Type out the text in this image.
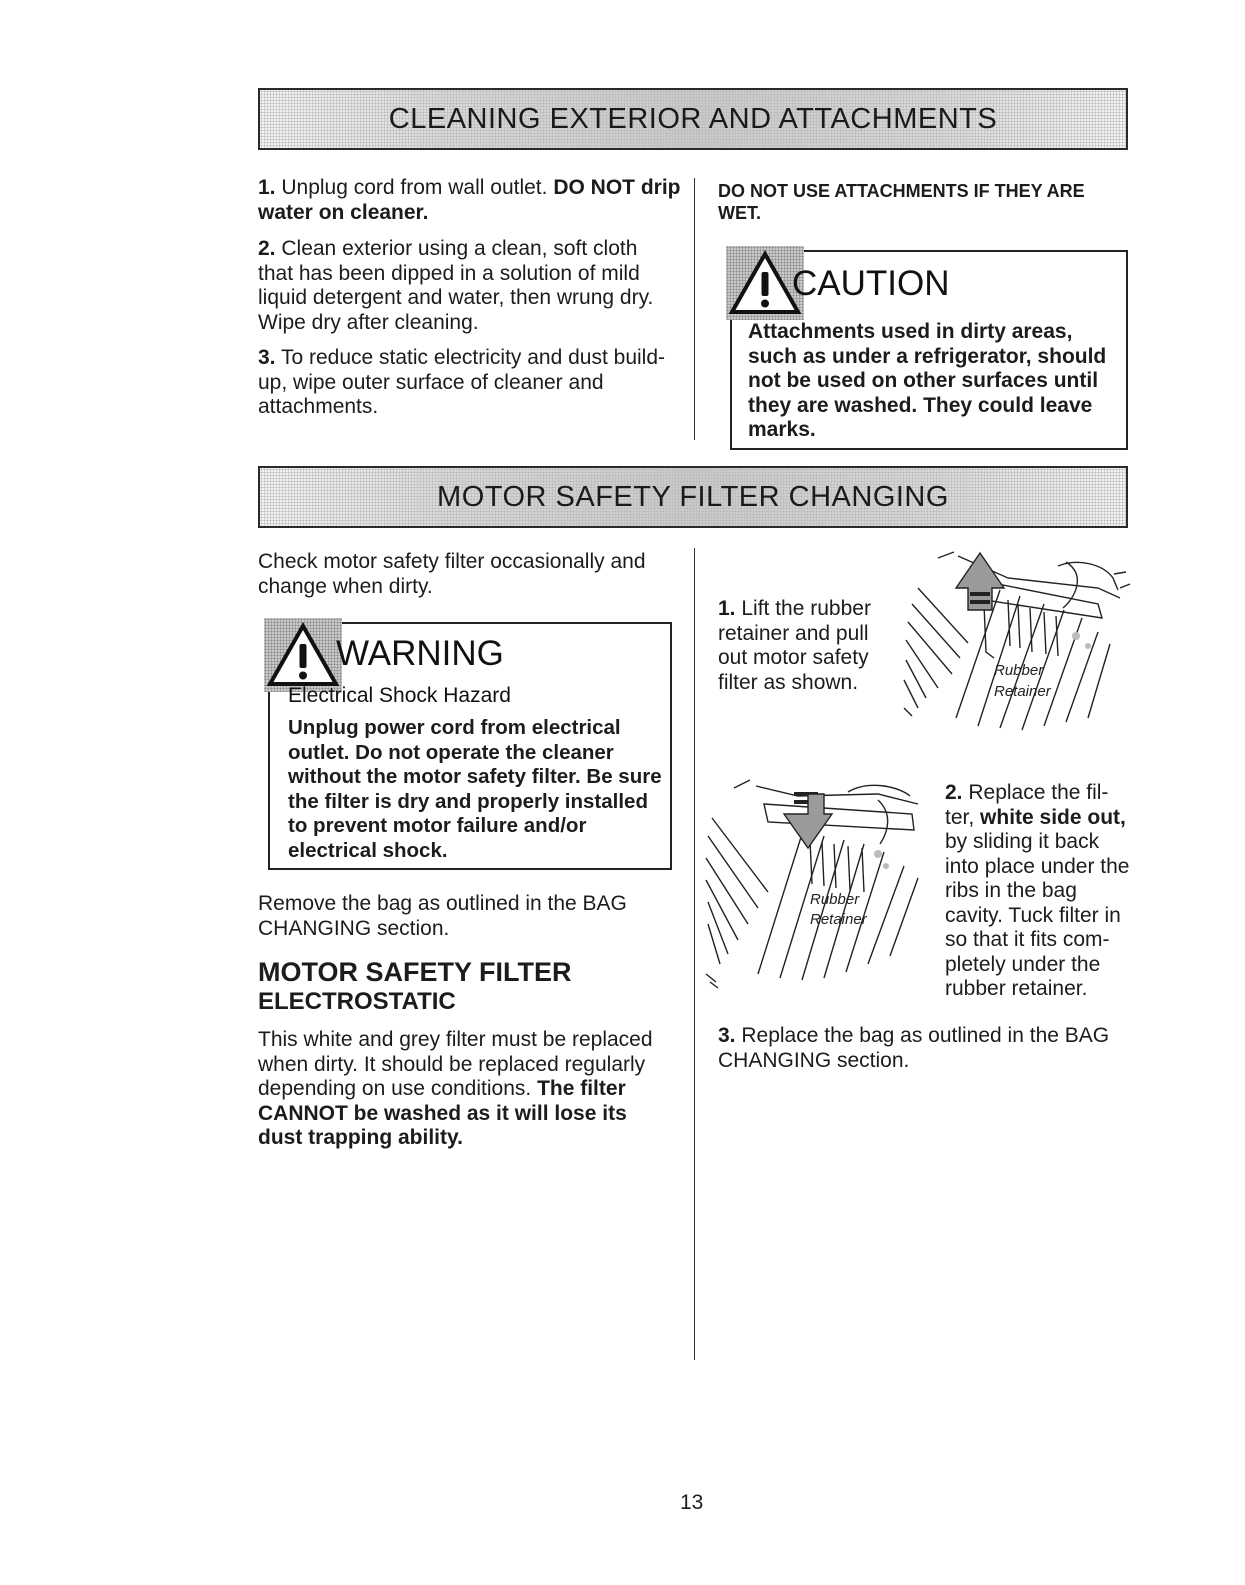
CLEANING EXTERIOR AND ATTACHMENTS
1. Unplug cord from wall outlet. DO NOT drip water on cleaner.
2. Clean exterior using a clean, soft cloth that has been dipped in a solution of mild liquid detergent and water, then wrung dry. Wipe dry after cleaning.
3. To reduce static electricity and dust build-up, wipe outer surface of cleaner and attachments.
DO NOT USE ATTACHMENTS IF THEY ARE WET.
CAUTION
Attachments used in dirty areas, such as under a refrigerator, should not be used on other surfaces until they are washed. They could leave marks.
MOTOR SAFETY FILTER CHANGING
Check motor safety filter occasionally and change when dirty.
WARNING
Electrical Shock Hazard
Unplug power cord from electrical outlet. Do not operate the cleaner without the motor safety filter. Be sure the filter is dry and properly installed to prevent motor failure and/or electrical shock.
Remove the bag as outlined in the BAG CHANGING section.
MOTOR SAFETY FILTER
ELECTROSTATIC
This white and grey filter must be replaced when dirty. It should be replaced regularly depending on use conditions. The filter CANNOT be washed as it will lose its dust trapping ability.
1. Lift the rubber retainer and pull out motor safety filter as shown.	Rubber
Retainer
Rubber
Retainer
2. Replace the fil-ter, white side out, by sliding it back into place under the ribs in the bag cavity. Tuck filter in so that it fits com-pletely under the rubber retainer.
3. Replace the bag as outlined in the BAG CHANGING section.
13
